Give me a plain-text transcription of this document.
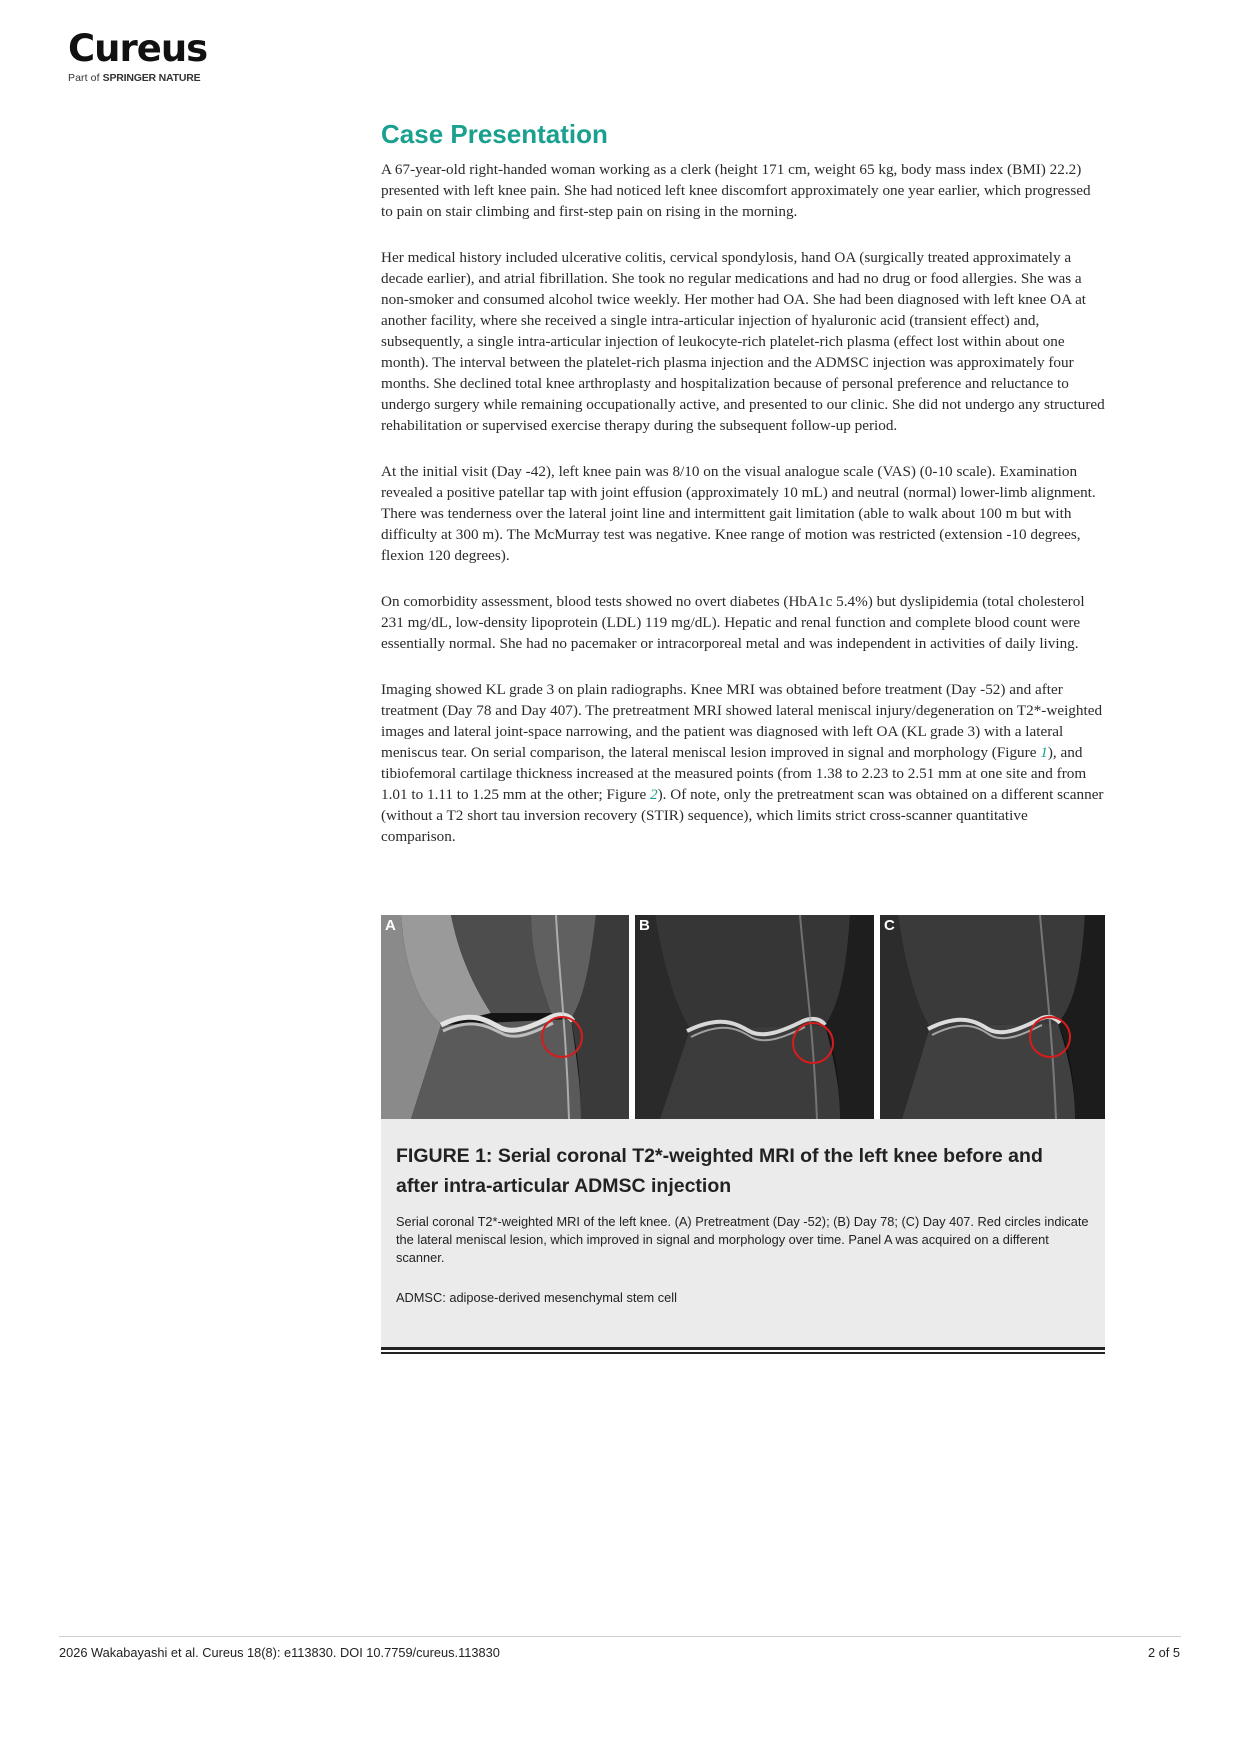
Cureus
Part of SPRINGER NATURE
Case Presentation

A 67-year-old right-handed woman working as a clerk (height 171 cm, weight 65 kg, body mass index (BMI) 22.2) presented with left knee pain. She had noticed left knee discomfort approximately one year earlier, which progressed to pain on stair climbing and first-step pain on rising in the morning.

Her medical history included ulcerative colitis, cervical spondylosis, hand OA (surgically treated approximately a decade earlier), and atrial fibrillation. She took no regular medications and had no drug or food allergies. She was a non-smoker and consumed alcohol twice weekly. Her mother had OA. She had been diagnosed with left knee OA at another facility, where she received a single intra-articular injection of hyaluronic acid (transient effect) and, subsequently, a single intra-articular injection of leukocyte-rich platelet-rich plasma (effect lost within about one month). The interval between the platelet-rich plasma injection and the ADMSC injection was approximately four months. She declined total knee arthroplasty and hospitalization because of personal preference and reluctance to undergo surgery while remaining occupationally active, and presented to our clinic. She did not undergo any structured rehabilitation or supervised exercise therapy during the subsequent follow-up period.

At the initial visit (Day -42), left knee pain was 8/10 on the visual analogue scale (VAS) (0-10 scale). Examination revealed a positive patellar tap with joint effusion (approximately 10 mL) and neutral (normal) lower-limb alignment. There was tenderness over the lateral joint line and intermittent gait limitation (able to walk about 100 m but with difficulty at 300 m). The McMurray test was negative. Knee range of motion was restricted (extension -10 degrees, flexion 120 degrees).

On comorbidity assessment, blood tests showed no overt diabetes (HbA1c 5.4%) but dyslipidemia (total cholesterol 231 mg/dL, low-density lipoprotein (LDL) 119 mg/dL). Hepatic and renal function and complete blood count were essentially normal. She had no pacemaker or intracorporeal metal and was independent in activities of daily living.

Imaging showed KL grade 3 on plain radiographs. Knee MRI was obtained before treatment (Day -52) and after treatment (Day 78 and Day 407). The pretreatment MRI showed lateral meniscal injury/degeneration on T2*-weighted images and lateral joint-space narrowing, and the patient was diagnosed with left OA (KL grade 3) with a lateral meniscus tear. On serial comparison, the lateral meniscal lesion improved in signal and morphology (Figure 1), and tibiofemoral cartilage thickness increased at the measured points (from 1.38 to 2.23 to 2.51 mm at one site and from 1.01 to 1.11 to 1.25 mm at the other; Figure 2). Of note, only the pretreatment scan was obtained on a different scanner (without a T2 short tau inversion recovery (STIR) sequence), which limits strict cross-scanner quantitative comparison.

A	B	C
FIGURE 1: Serial coronal T2*-weighted MRI of the left knee before and after intra-articular ADMSC injection
Serial coronal T2*-weighted MRI of the left knee. (A) Pretreatment (Day -52); (B) Day 78; (C) Day 407. Red circles indicate the lateral meniscal lesion, which improved in signal and morphology over time. Panel A was acquired on a different scanner.
ADMSC: adipose-derived mesenchymal stem cell
2026 Wakabayashi et al. Cureus 18(8): e113830. DOI 10.7759/cureus.113830	2 of 5
